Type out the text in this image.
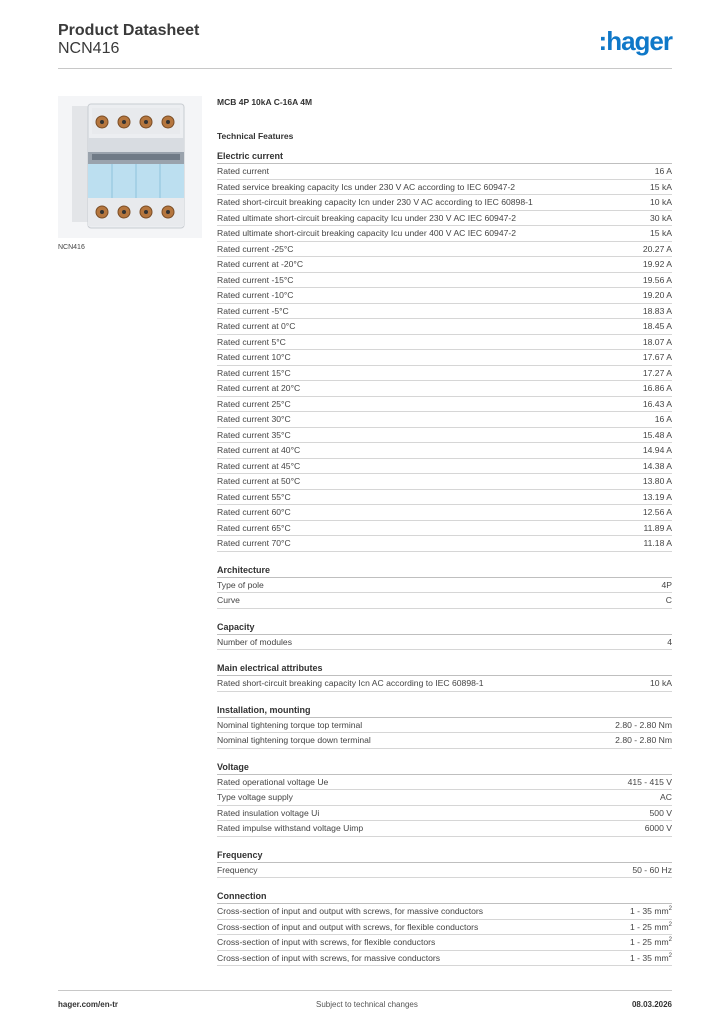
Product Datasheet
NCN416	:hager
NCN416
MCB 4P 10kA C-16A 4M
Technical Features
Electric current
Rated current	16 A
Rated service breaking capacity Ics under 230 V AC according to IEC 60947-2	15 kA
Rated short-circuit breaking capacity Icn under 230 V AC according to IEC 60898-1	10 kA
Rated ultimate short-circuit breaking capacity Icu under 230 V AC IEC 60947-2	30 kA
Rated ultimate short-circuit breaking capacity Icu under 400 V AC IEC 60947-2	15 kA
Rated current -25°C	20.27 A
Rated current at -20°C	19.92 A
Rated current -15°C	19.56 A
Rated current -10°C	19.20 A
Rated current -5°C	18.83 A
Rated current at 0°C	18.45 A
Rated current 5°C	18.07 A
Rated current 10°C	17.67 A
Rated current 15°C	17.27 A
Rated current at 20°C	16.86 A
Rated current 25°C	16.43 A
Rated current 30°C	16 A
Rated current 35°C	15.48 A
Rated current at 40°C	14.94 A
Rated current at 45°C	14.38 A
Rated current at 50°C	13.80 A
Rated current 55°C	13.19 A
Rated current 60°C	12.56 A
Rated current 65°C	11.89 A
Rated current 70°C	11.18 A
Architecture
Type of pole	4P
Curve	C
Capacity
Number of modules	4
Main electrical attributes
Rated short-circuit breaking capacity Icn AC according to IEC 60898-1	10 kA
Installation, mounting
Nominal tightening torque top terminal	2.80 - 2.80 Nm
Nominal tightening torque down terminal	2.80 - 2.80 Nm
Voltage
Rated operational voltage Ue	415 - 415 V
Type voltage supply	AC
Rated insulation voltage Ui	500 V
Rated impulse withstand voltage Uimp	6000 V
Frequency
Frequency	50 - 60 Hz
Connection
Cross-section of input and output with screws, for massive conductors	1 - 35 $mm^2$
Cross-section of input and output with screws, for flexible conductors	1 - 25 $mm^2$
Cross-section of input with screws, for flexible conductors	1 - 25 $mm^2$
Cross-section of input with screws, for massive conductors	1 - 35 $mm^2$
hager.com/en-tr	Subject to technical changes	08.03.2026
